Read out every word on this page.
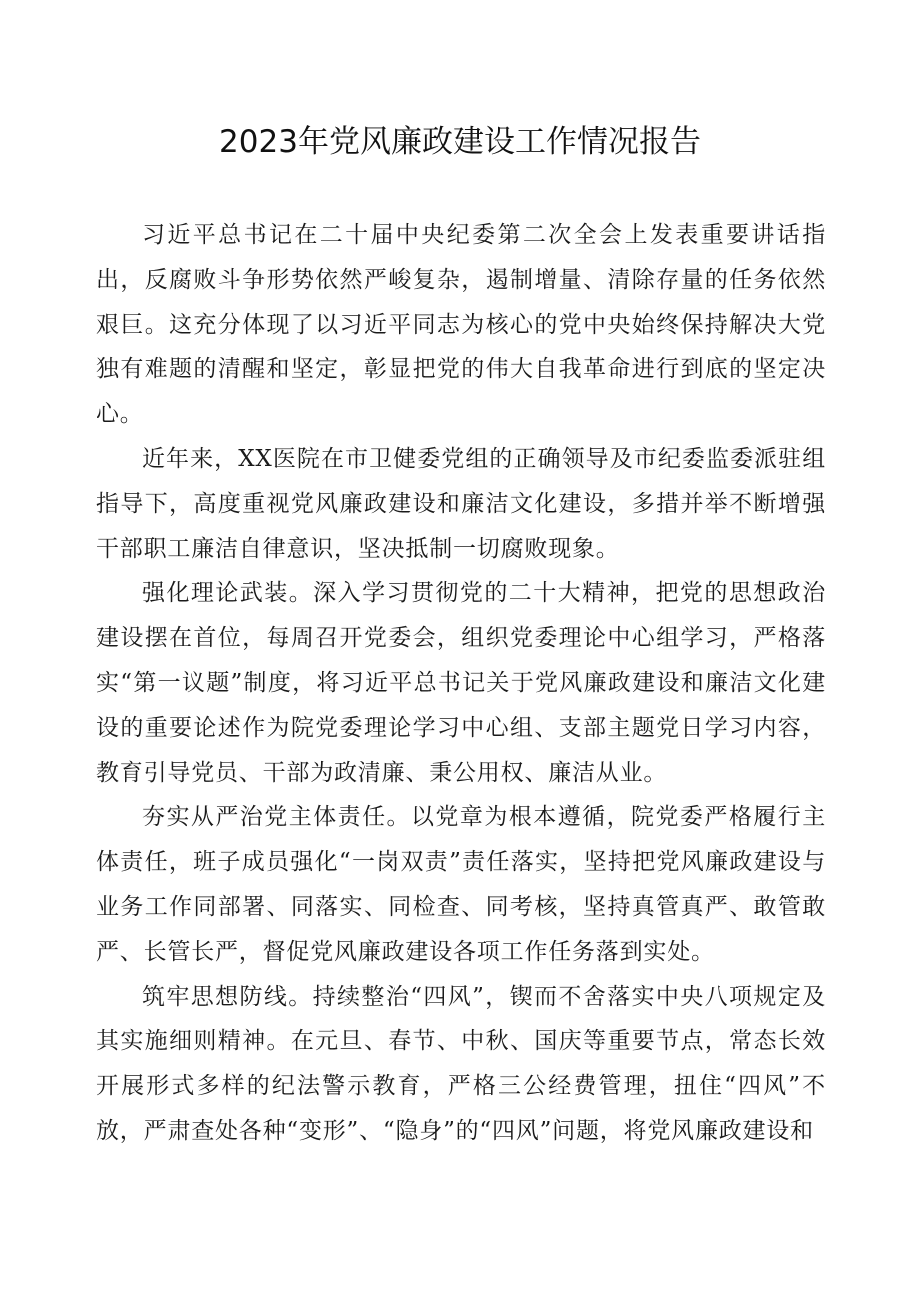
2023年党风廉政建设工作情况报告

习近平总书记在二十届中央纪委第二次全会上发表重要讲话指出，反腐败斗争形势依然严峻复杂，遏制增量、清除存量的任务依然艰巨。这充分体现了以习近平同志为核心的党中央始终保持解决大党独有难题的清醒和坚定，彰显把党的伟大自我革命进行到底的坚定决心。

近年来，XX医院在市卫健委党组的正确领导及市纪委监委派驻组指导下，高度重视党风廉政建设和廉洁文化建设，多措并举不断增强干部职工廉洁自律意识，坚决抵制一切腐败现象。

强化理论武装。深入学习贯彻党的二十大精神，把党的思想政治建设摆在首位，每周召开党委会，组织党委理论中心组学习，严格落实“第一议题”制度，将习近平总书记关于党风廉政建设和廉洁文化建设的重要论述作为院党委理论学习中心组、支部主题党日学习内容，教育引导党员、干部为政清廉、秉公用权、廉洁从业。

夯实从严治党主体责任。以党章为根本遵循，院党委严格履行主体责任，班子成员强化“一岗双责”责任落实，坚持把党风廉政建设与业务工作同部署、同落实、同检查、同考核，坚持真管真严、敢管敢严、长管长严，督促党风廉政建设各项工作任务落到实处。

筑牢思想防线。持续整治“四风”，锲而不舍落实中央八项规定及其实施细则精神。在元旦、春节、中秋、国庆等重要节点，常态长效开展形式多样的纪法警示教育，严格三公经费管理，扭住“四风”不放，严肃查处各种“变形”、“隐身”的“四风”问题，将党风廉政建设和
